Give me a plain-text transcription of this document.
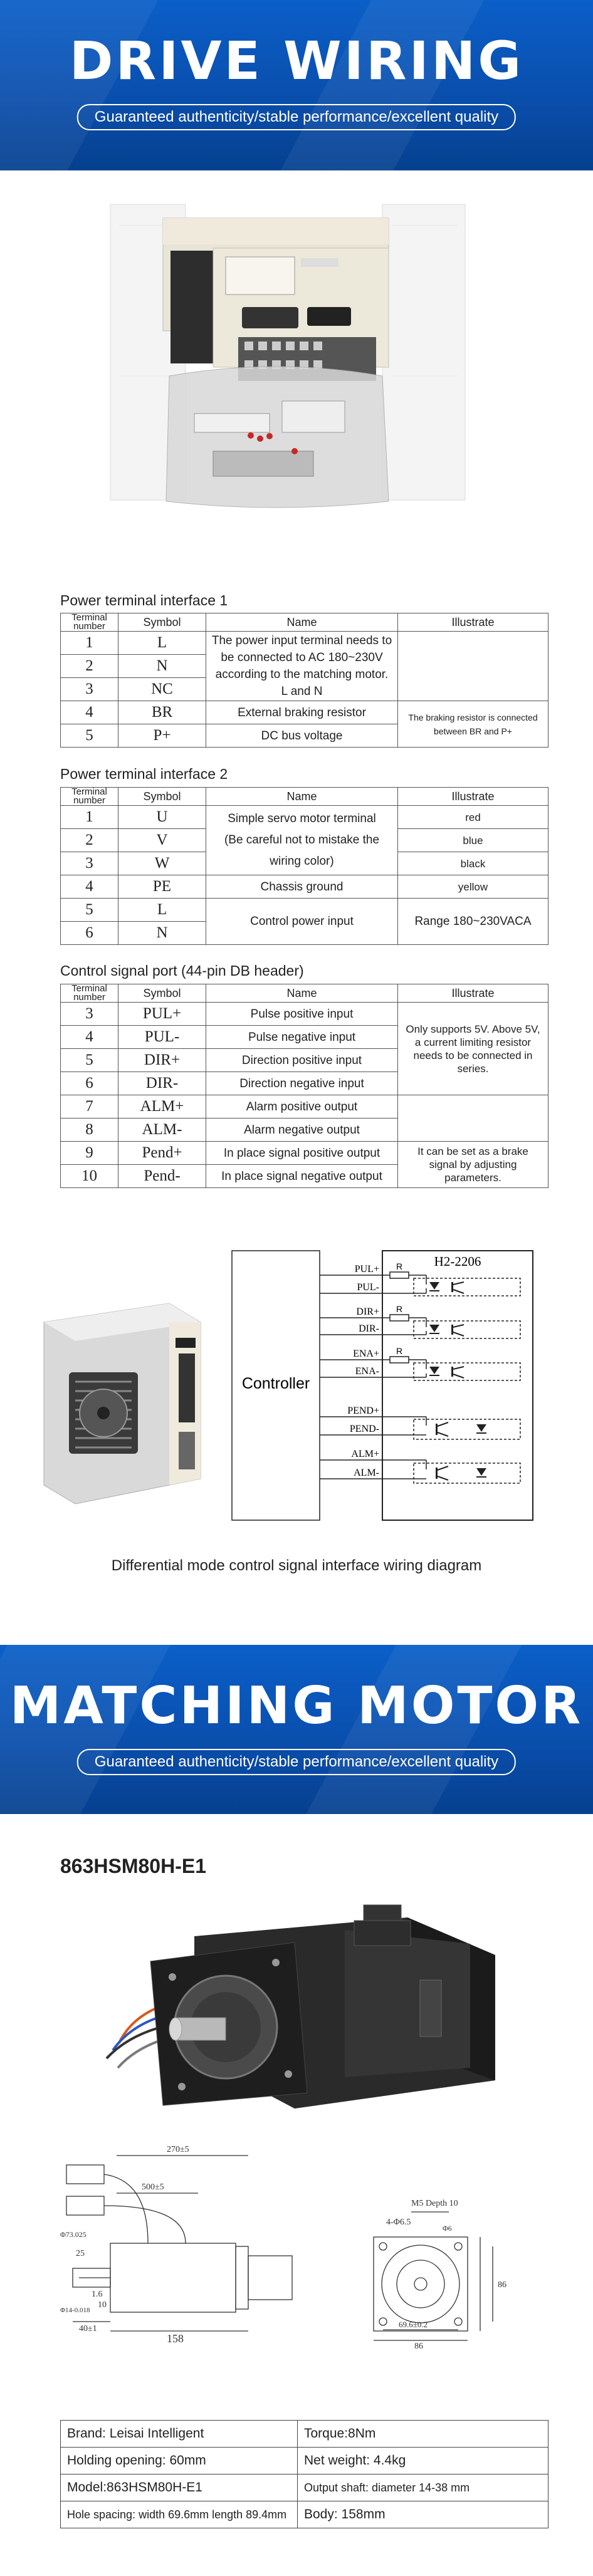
DRIVE WIRING
Guaranteed authenticity/stable performance/excellent quality
Power terminal interface 1
Terminal number	Symbol	Name	Illustrate
1	L	The power input terminal needs to be connected to AC 180~230V according to the matching motor. L and N	
2	N		
3	NC		
4	BR	External braking resistor	The braking resistor is connected between BR and P+
5	P+	DC bus voltage	
Power terminal interface 2
Terminal number	Symbol	Name	Illustrate
1	U	Simple servo motor terminal (Be careful not to mistake the wiring color)	red
2	V		blue
3	W		black
4	PE	Chassis ground	yellow
5	L	Control power input	Range 180~230VACA
6	N		
Control signal port (44-pin DB header)
Terminal number	Symbol	Name	Illustrate
3	PUL+	Pulse positive input	Only supports 5V. Above 5V, a current limiting resistor needs to be connected in series.
4	PUL-	Pulse negative input	
5	DIR+	Direction positive input	
6	DIR-	Direction negative input	
7	ALM+	Alarm positive output	
8	ALM-	Alarm negative output	
9	Pend+	In place signal positive output	It can be set as a brake signal by adjusting parameters.
10	Pend-	In place signal negative output	
Controller
H2-2206
R
R
R
PUL+
PUL-
DIR+
DIR-
ENA+
ENA-
PEND+
PEND-
ALM+
ALM-
Differential mode control signal interface wiring diagram
MATCHING MOTOR
Guaranteed authenticity/stable performance/excellent quality
863HSM80H-E1
270±5
500±5
158
25
1.6
10
40±1
M5 Depth 10
4-Φ6.5
69.6±0.2
86
86
Φ73.025
Φ14-0.018
Φ6
Brand: Leisai Intelligent	Torque:8Nm
Holding opening: 60mm	Net weight: 4.4kg
Model:863HSM80H-E1	Output shaft: diameter 14-38 mm
Hole spacing: width 69.6mm length 89.4mm	Body: 158mm
